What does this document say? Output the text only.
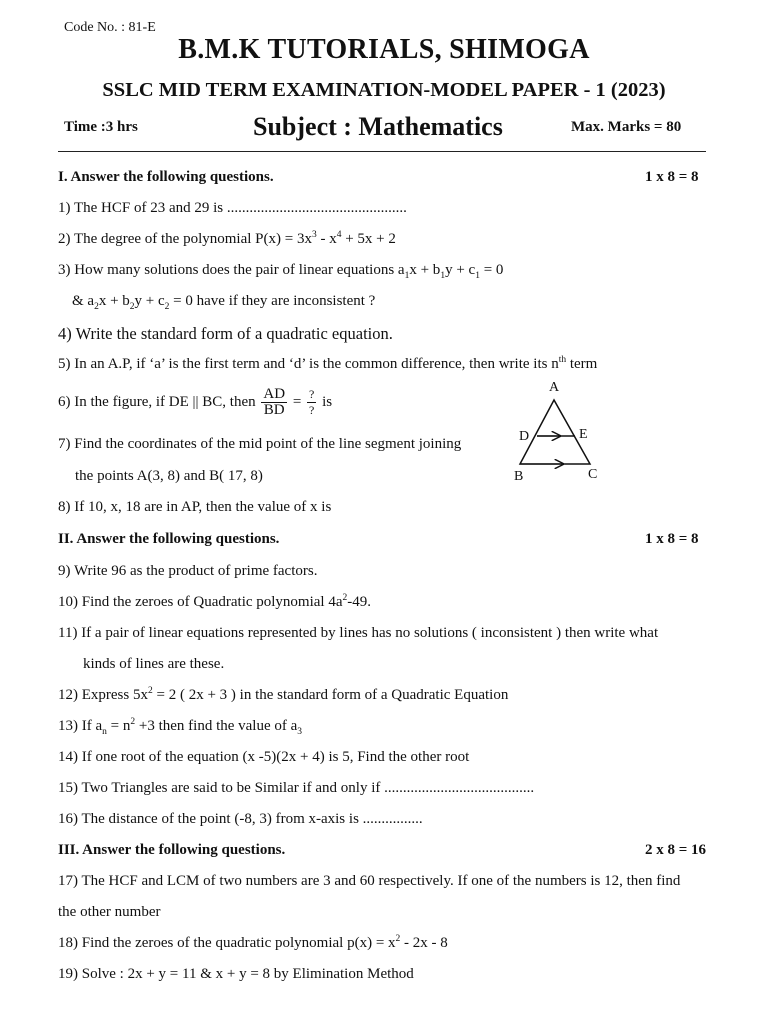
Code No. : 81-E
B.M.K TUTORIALS, SHIMOGA
SSLC MID TERM EXAMINATION-MODEL PAPER - 1 (2023)
Time :3 hrs	Subject : Mathematics	Max. Marks = 80
I. Answer the following questions.	1 x 8 = 8
1) The HCF of 23 and 29 is ................................................
2) The degree of the polynomial $P(x) = 3x^3 - x^4 + 5x + 2$
3) How many solutions does the pair of linear equations $a_1x + b_1y + c_1 = 0$
& $a_2x + b_2y + c_2 = 0$ have if they are inconsistent ?
4) Write the standard form of a quadratic equation.
5) In an A.P, if ‘a’ is the first term and ‘d’ is the common difference, then write its $n^{th}$ term
6) In the figure, if DE || BC, then $\frac{AD}{BD} = \frac{?}{?}$ is
7) Find the coordinates of the mid point of the line segment joining
the points A(3, 8) and B( 17, 8)
8) If 10, x, 18 are in AP, then the value of x is
A
D	E
B	C
II. Answer the following questions.	1 x 8 = 8
9) Write 96 as the product of prime factors.
10) Find the zeroes of Quadratic polynomial $4a^2-49$.
11) If a pair of linear equations represented by lines has no solutions ( inconsistent ) then write what
kinds of lines are these.
12) Express $5x^2 = 2$ ( 2x + 3 ) in the standard form of a Quadratic Equation
13) If $a_n = n^2 +3$ then find the value of $a_3$
14) If one root of the equation (x -5)(2x + 4) is 5, Find the other root
15) Two Triangles are said to be Similar if and only if ........................................
16) The distance of the point (-8, 3) from x-axis is ................
III. Answer the following questions.	2 x 8 = 16
17) The HCF and LCM of two numbers are 3 and 60 respectively. If one of the numbers is 12, then find
the other number
18) Find the zeroes of the quadratic polynomial $p(x) = x^2 - 2x - 8$
19) Solve : 2x + y = 11 & x + y = 8 by Elimination Method
